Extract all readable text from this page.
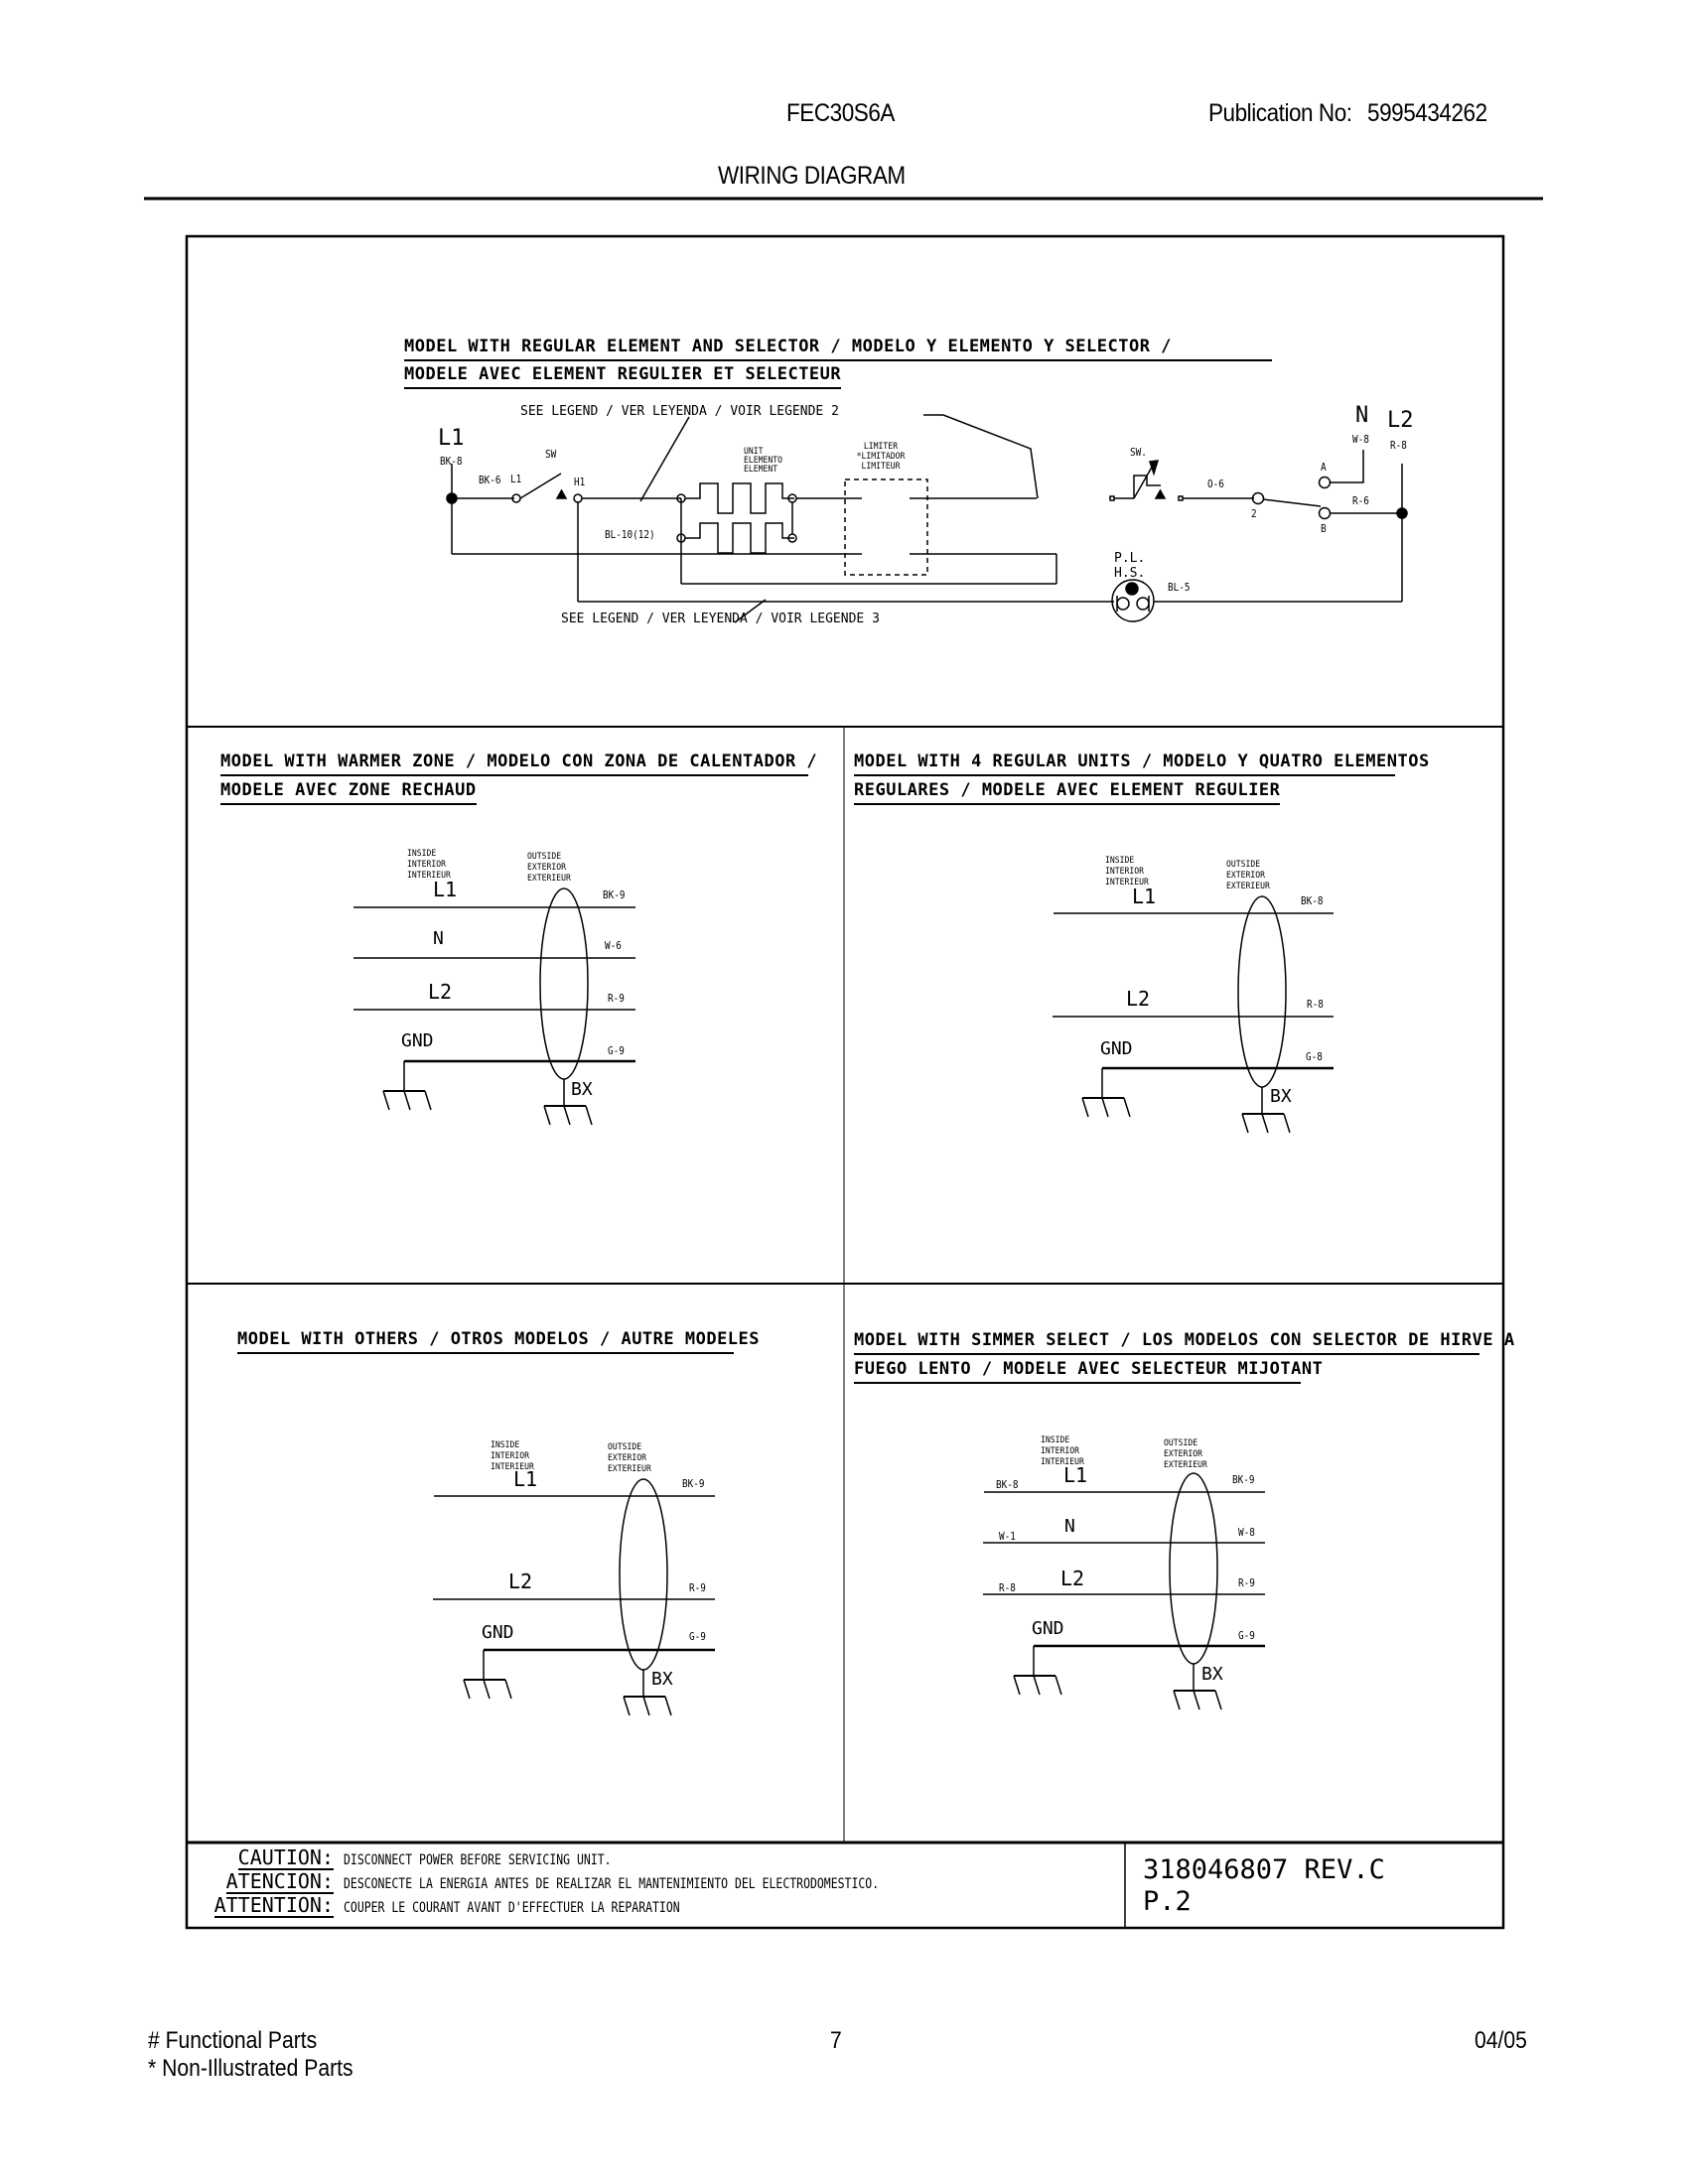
FEC30S6A	Publication No: 5995434262
WIRING DIAGRAM
MODEL WITH REGULAR ELEMENT AND SELECTOR / MODELO Y ELEMENTO Y SELECTOR /
MODELE AVEC ELEMENT REGULIER ET SELECTEUR
SEE LEGEND / VER LEYENDA / VOIR LEGENDE 2
SEE LEGEND / VER LEYENDA / VOIR LEGENDE 3
L1
BK-8
BK-6 L1
SW
H1
UNIT
ELEMENTO
ELEMENT
LIMITER
*LIMITADOR
LIMITEUR
BL-10(12)
SW.
O-6
2
A
B
R-6
N
W-8
L2
R-8
P.L.
H.S.
BL-5
MODEL WITH WARMER ZONE / MODELO CON ZONA DE CALENTADOR /
MODELE AVEC ZONE RECHAUD
INSIDE
INTERIOR
INTERIEUR
OUTSIDE
EXTERIOR
EXTERIEUR
L1	BK-9
N	W-6
L2	R-9
GND	G-9
BX
MODEL WITH 4 REGULAR UNITS / MODELO Y QUATRO ELEMENTOS
REGULARES / MODELE AVEC ELEMENT REGULIER
INSIDE
INTERIOR
INTERIEUR
OUTSIDE
EXTERIOR
EXTERIEUR
L1	BK-8
L2	R-8
GND	G-8
BX
MODEL WITH OTHERS / OTROS MODELOS / AUTRE MODELES
INSIDE
INTERIOR
INTERIEUR
OUTSIDE
EXTERIOR
EXTERIEUR
L1	BK-9
L2	R-9
GND	G-9
BX
MODEL WITH SIMMER SELECT / LOS MODELOS CON SELECTOR DE HIRVE A
FUEGO LENTO / MODELE AVEC SELECTEUR MIJOTANT
INSIDE
INTERIOR
INTERIEUR
OUTSIDE
EXTERIOR
EXTERIEUR
BK-8 L1	BK-9
W-1	N	W-8
R-8 L2	R-9
GND	G-9
BX
CAUTION: DISCONNECT POWER BEFORE SERVICING UNIT.
ATENCION: DESCONECTE LA ENERGIA ANTES DE REALIZAR EL MANTENIMIENTO DEL ELECTRODOMESTICO.
ATTENTION: COUPER LE COURANT AVANT D'EFFECTUER LA REPARATION
318046807 REV.C
P.2
# Functional Parts
* Non-Illustrated Parts
7	04/05
